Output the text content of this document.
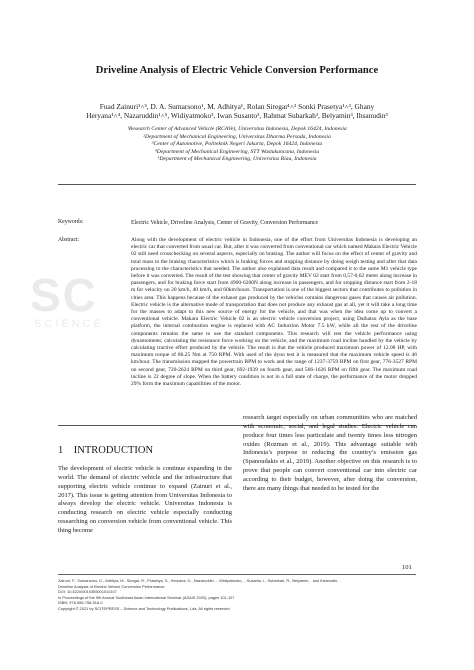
Driveline Analysis of Electric Vehicle Conversion Performance
Fuad Zainuri¹˄³, D. A. Sumarsono¹, M. Adhitya¹, Rolan Siregar¹˄² Sonki Prasetya¹˄³, Ghany
Heryana¹˄⁴, Nazaruddin¹˄⁵, Widiyatmoko³, Iwan Susanto³, Rahmat Subarkah³, Belyamin³, Ihsanudin³
¹Research Center of Advanced Vehicle (RCAVe), Universitas Indonesia, Depok 16424, Indonesia
²Department of Mechanical Engineering, Universitas Dharma Persada, Indonesia
³Center of Automotive, Politeknik Negeri Jakarta, Depok 16424, Indonesia
⁴Department of Mechanical Engineering, STT Wastukancana, Indonesia
⁵Department of Mechanical Engineering, Universitas Riau, Indonesia
Keywords:	Electric Vehicle, Driveline Analysis, Center of Gravity, Conversion Performance
Abstract:
SC
SCIENCE
Along with the development of electric vehicle in Indonesia, one of the effort from Universitas Indonesia is developing an electric car that converted from usual car. But, after it was converted from conventional car which named Makara Electric Vehicle 02 still need crosschecking on several aspects, especially on braking. The author will focus on the effect of center of gravity and total mass to the braking characteristics which is braking forces and stopping distance by doing weigh testing and after that data processing to the characteristics that needed. The author also explained data result and compared it to the same M1 vehicle type before it was converted. The result of the test showing that center of gravity MEV 02 start from 0,57-0,62 meter along increase in passengers, and for braking force start from 4900-6200N along increase in passengers, and for stopping distance start from 2-18 m for velocity on 20 km/h, 40 km/h, and 60km/hours. Transportation is one of the biggest sectors that contributes to pollution in cities area. This happens because of the exhaust gas produced by the vehicles contains dangerous gases that causes air pollution. Electric vehicle is the alternative mode of transportation that does not produce any exhaust gas at all, yet it will take a long time for the masses to adapt to this new source of energy for the vehicle, and that was when the idea come up to convert a conventional vehicle. Makara Electric Vehicle 02 is an electric vehicle conversion project, using Daihatsu Ayla as the base platform, the internal combustion engine is replaced with AC Induction Motor 7.5 kW, while all the rest of the driveline components remains the same to use the standard components. This research will test the vehicle performance using dynamometer, calculating the resistance force working on the vehicle, and the maximum road incline handled by the vehicle by calculating tractive effort produced by the vehicle. The result is that the vehicle produced maximum power of 12.08 HP, with maximum torque of 86.25 Nm at 750 RPM. With used of the dyno test it is measured that the maximum vehicle speed is 46 km/hour. The transmission mapped the powertrain RPM to work and the range of 1237-3759 RPM on first gear, 776-3527 RPM on second gear, 720-2624 RPM on third gear, 692-1939 on fourth gear, and 566-1626 RPM on fifth gear. The maximum road incline is 22 degree of slope. When the battery condition is not in a full state of charge, the performance of the motor dropped 29% form the maximum capabilities of the motor.
1 INTRODUCTION
The development of electric vehicle is continue expanding in the world. The demand of electric vehicle and the infrastructure that supporting electric vehicle continue to expand (Zainuri et al., 2017). This issue is getting attention from Universitas Indonesia to always develop the electric vehicle. Universitas Indonesia is conducting research on electric vehicle especially conducting researching on conversion vehicle from conventional vehicle. This thing become
research target especially on urban communities who are matched with economic, social, and legal studies. Electric vehicle can produce four times less particulate and twenty times less nitrogen oxides (Rozman et al., 2019). This advantage suitable with Indonesia’s purpose to reducing the country’s emission gas (Spanoudakis et al., 2019). Another objective on this research is to prove that people can convert conventional car into electric car according to their budget, however, after doing the conversion, there are many things that needed to be tested for the
101
Zainuri, F., Sumarsono, D., Adhitya, M., Siregar, R., Prasetya, S., Heryana, G., Nazaruddin, ., Widiyatmoko, ., Susanto, I., Subarkah, R., Belyamin, . and Ihsanudin, .
Driveline Analysis of Electric Vehicle Conversion Performance.
DOI: 10.5220/0010355001010107
In Proceedings of the 9th Annual Southeast Asian International Seminar (ASAIS 2020), pages 101-107
ISBN: 978-989-758-518-0
Copyright © 2021 by SCITEPRESS – Science and Technology Publications, Lda. All rights reserved
